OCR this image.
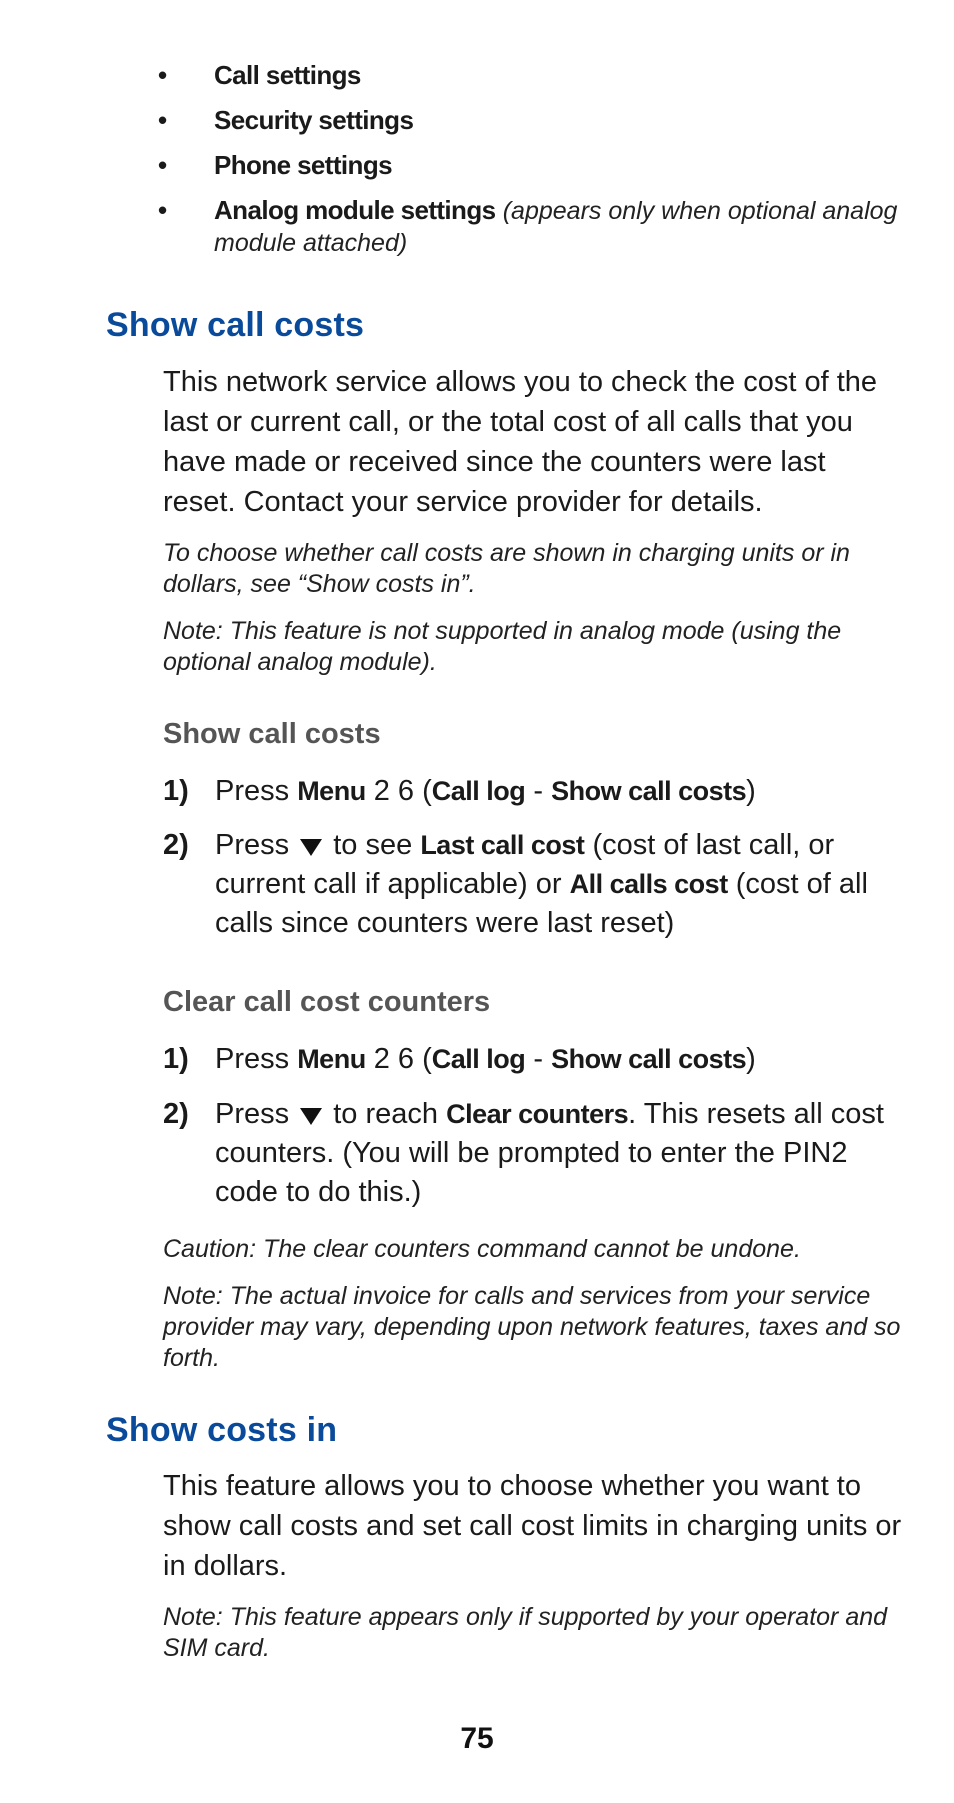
• Call settings
• Security settings
• Phone settings
• Analog module settings (appears only when optional analog module attached)
Show call costs
This network service allows you to check the cost of the last or current call, or the total cost of all calls that you have made or received since the counters were last reset. Contact your service provider for details.
To choose whether call costs are shown in charging units or in dollars, see “Show costs in”.
Note: This feature is not supported in analog mode (using the optional analog module).
Show call costs
1) Press Menu 2 6 (Call log - Show call costs)
2) Press  to see Last call cost (cost of last call, or current call if applicable) or All calls cost (cost of all calls since counters were last reset)
Clear call cost counters
1) Press Menu 2 6 (Call log - Show call costs)
2) Press  to reach Clear counters. This resets all cost counters. (You will be prompted to enter the PIN2 code to do this.)
Caution: The clear counters command cannot be undone.
Note: The actual invoice for calls and services from your service provider may vary, depending upon network features, taxes and so forth.
Show costs in
This feature allows you to choose whether you want to show call costs and set call cost limits in charging units or in dollars.
Note: This feature appears only if supported by your operator and SIM card.
75
